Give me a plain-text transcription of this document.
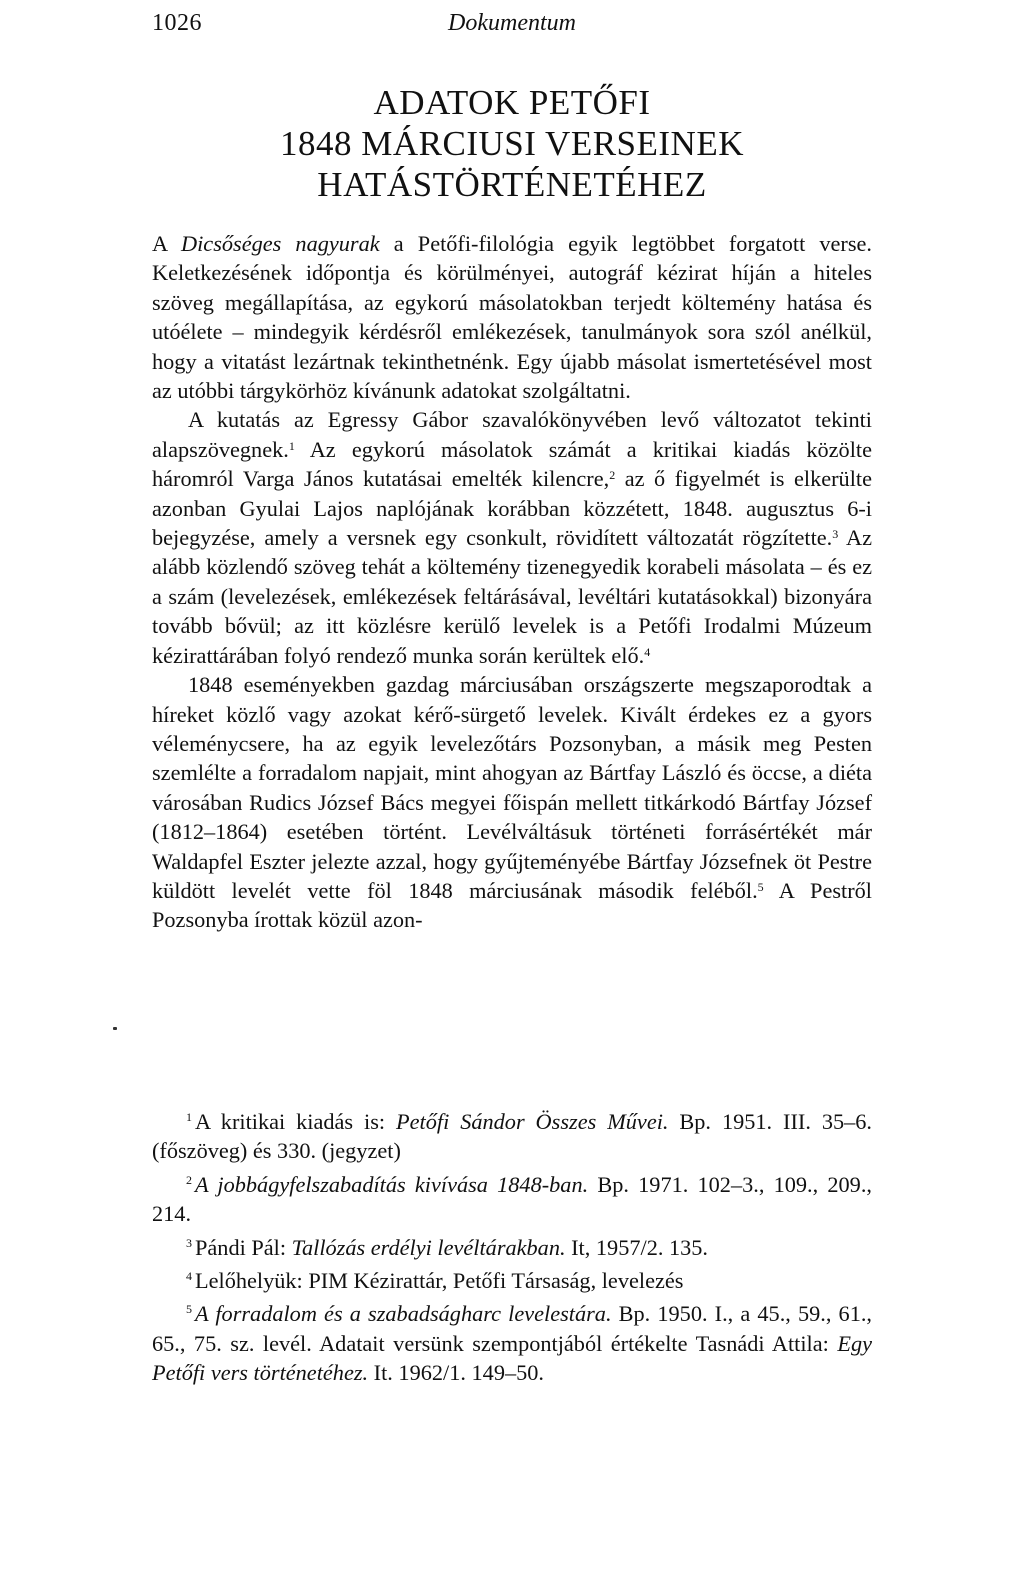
1026	Dokumentum
ADATOK PETŐFI
1848 MÁRCIUSI VERSEINEK
HATÁSTÖRTÉNETÉHEZ

A Dicsőséges nagyurak a Petőfi-filológia egyik legtöbbet forgatott verse. Keletkezésének időpontja és körülményei, autográf kézirat híján a hiteles szöveg megállapítása, az egykorú másolatokban terjedt költemény hatása és utóélete – mindegyik kérdésről emlékezések, tanulmányok sora szól anélkül, hogy a vitatást lezártnak tekinthetnénk. Egy újabb másolat ismertetésével most az utóbbi tárgykörhöz kívánunk adatokat szolgáltatni.

A kutatás az Egressy Gábor szavalókönyvében levő változatot tekinti alapszövegnek.$^1$ Az egykorú másolatok számát a kritikai kiadás közölte háromról Varga János kutatásai emelték kilencre,$^2$ az ő figyelmét is elkerülte azonban Gyulai Lajos naplójának korábban közzétett, 1848. augusztus 6-i bejegyzése, amely a versnek egy csonkult, rövidített változatát rögzítette.$^3$ Az alább közlendő szöveg tehát a költemény tizenegyedik korabeli másolata – és ez a szám (levelezések, emlékezések feltárásával, levéltári kutatásokkal) bizonyára tovább bővül; az itt közlésre kerülő levelek is a Petőfi Irodalmi Múzeum kézirattárában folyó rendező munka során kerültek elő.$^4$

1848 eseményekben gazdag márciusában országszerte megszaporodtak a híreket közlő vagy azokat kérő-sürgető levelek. Kivált érdekes ez a gyors véleménycsere, ha az egyik levelezőtárs Pozsonyban, a másik meg Pesten szemlélte a forradalom napjait, mint ahogyan az Bártfay László és öccse, a diéta városában Rudics József Bács megyei főispán mellett titkárkodó Bártfay József (1812–1864) esetében történt. Levélváltásuk történeti forrásértékét már Waldapfel Eszter jelezte azzal, hogy gyűjteményébe Bártfay Józsefnek öt Pestre küldött levelét vette föl 1848 márciusának második feléből.$^5$ A Pestről Pozsonyba írottak közül azon-

$^1$ A kritikai kiadás is: Petőfi Sándor Összes Művei. Bp. 1951. III. 35–6. (főszöveg) és 330. (jegyzet)

$^2$ A jobbágyfelszabadítás kivívása 1848-ban. Bp. 1971. 102–3., 109., 209., 214.

$^3$ Pándi Pál: Tallózás erdélyi levéltárakban. It, 1957/2. 135.

$^4$ Lelőhelyük: PIM Kézirattár, Petőfi Társaság, levelezés

$^5$ A forradalom és a szabadságharc levelestára. Bp. 1950. I., a 45., 59., 61., 65., 75. sz. levél. Adatait versünk szempontjából értékelte Tasnádi Attila: Egy Petőfi vers történetéhez. It. 1962/1. 149–50.
